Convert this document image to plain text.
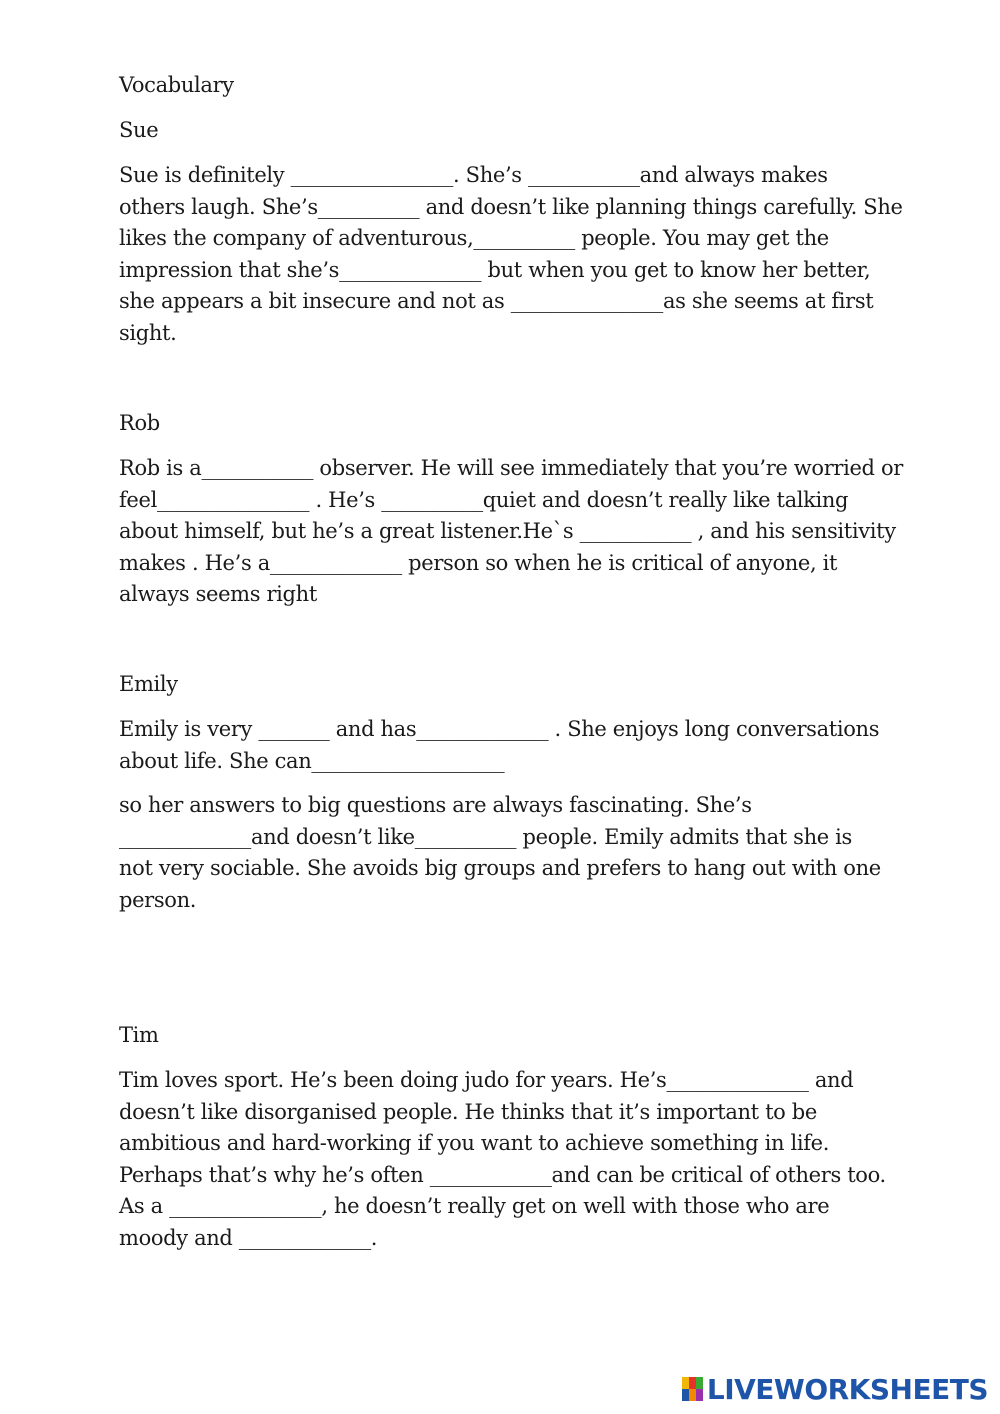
Vocabulary

Sue

Sue is definitely ________________. She’s ___________and always makes

others laugh. She’s__________ and doesn’t like planning things carefully. She

likes the company of adventurous,__________ people. You may get the

impression that she’s______________ but when you get to know her better,

she appears a bit insecure and not as _______________as she seems at first

sight.

Rob

Rob is a___________ observer. He will see immediately that you’re worried or

feel_______________ . He’s __________quiet and doesn’t really like talking

about himself, but he’s a great listener.He`s ___________ , and his sensitivity

makes . He’s a_____________ person so when he is critical of anyone, it

always seems right

Emily

Emily is very _______ and has_____________ . She enjoys long conversations

about life. She can___________________

so her answers to big questions are always fascinating. She’s

_____________and doesn’t like__________ people. Emily admits that she is

not very sociable. She avoids big groups and prefers to hang out with one

person.

Tim

Tim loves sport. He’s been doing judo for years. He’s______________ and

doesn’t like disorganised people. He thinks that it’s important to be

ambitious and hard-working if you want to achieve something in life.

Perhaps that’s why he’s often ____________and can be critical of others too.

As a _______________, he doesn’t really get on well with those who are

moody and _____________.

LIVEWORKSHEETS
